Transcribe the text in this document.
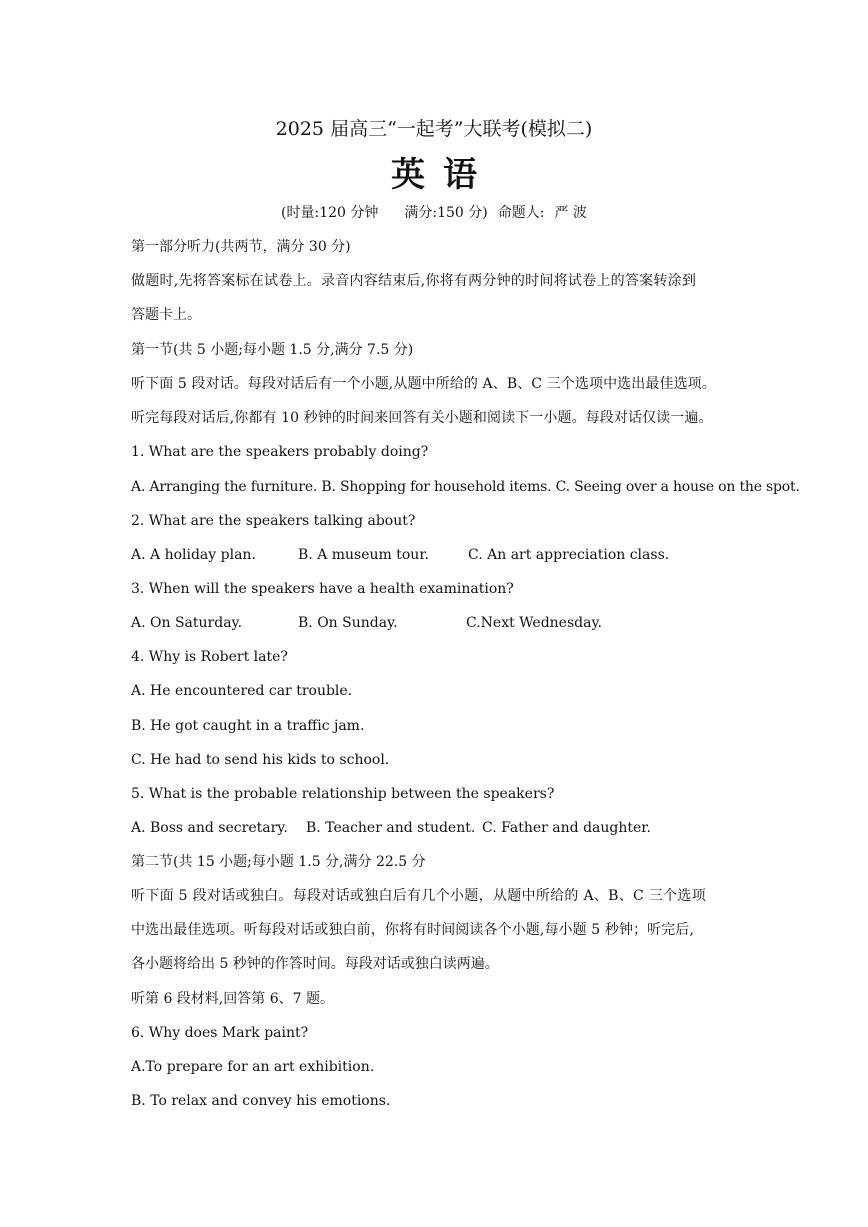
2025 届高三“一起考”大联考(模拟二)
英语
(时量:120 分钟 满分:150 分) 命题人: 严 波
第一部分听力(共两节，满分 30 分)
做题时,先将答案标在试卷上。录音内容结束后,你将有两分钟的时间将试卷上的答案转涂到
答题卡上。
第一节(共 5 小题;每小题 1.5 分,满分 7.5 分)
听下面 5 段对话。每段对话后有一个小题,从题中所给的 A、B、C 三个选项中选出最佳选项。
听完每段对话后,你都有 10 秒钟的时间来回答有关小题和阅读下一小题。每段对话仅读一遍。
1. What are the speakers probably doing?
A. Arranging the furniture. B. Shopping for household items. C. Seeing over a house on the spot.
2. What are the speakers talking about?
A. A holiday plan.	B. A museum tour.	C. An art appreciation class.
3. When will the speakers have a health examination?
A. On Saturday.	B. On Sunday.	C.Next Wednesday.
4. Why is Robert late?
A. He encountered car trouble.
B. He got caught in a traffic jam.
C. He had to send his kids to school.
5. What is the probable relationship between the speakers?
A. Boss and secretary. B. Teacher and student. C. Father and daughter.
第二节(共 15 小题;每小题 1.5 分,满分 22.5 分
听下面 5 段对话或独白。每段对话或独白后有几个小题，从题中所给的 A、B、C 三个选项
中选出最佳选项。听每段对话或独白前，你将有时间阅读各个小题,每小题 5 秒钟；听完后,
各小题将给出 5 秒钟的作答时间。每段对话或独白读两遍。
听第 6 段材料,回答第 6、7 题。
6. Why does Mark paint?
A.To prepare for an art exhibition.
B. To relax and convey his emotions.
